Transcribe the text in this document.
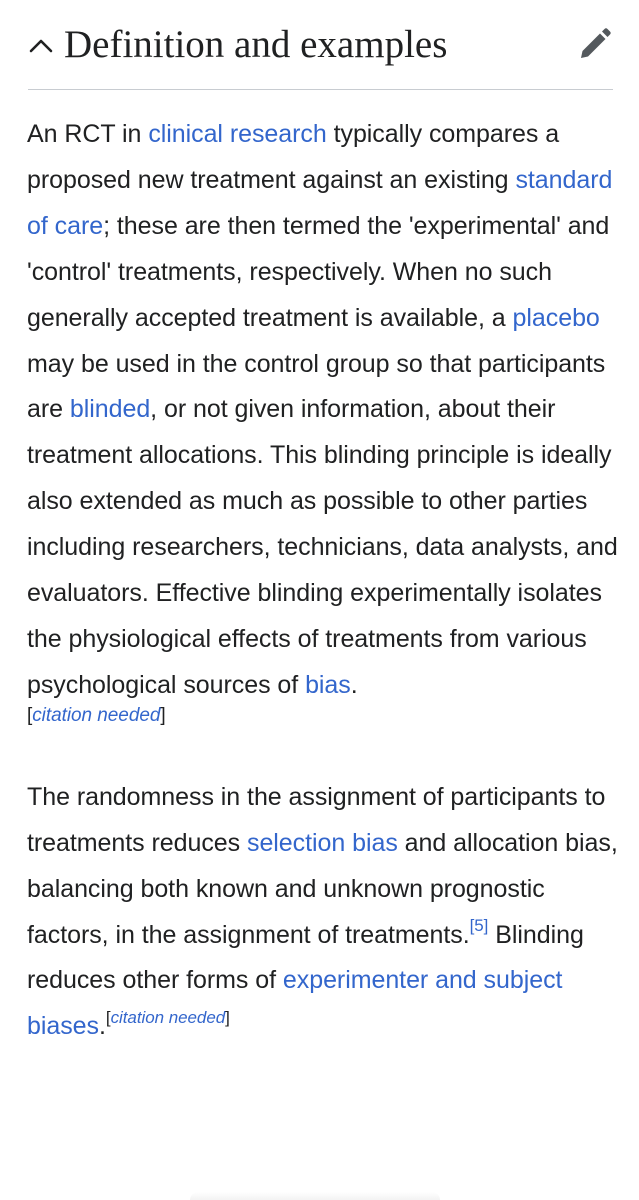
Definition and examples

An RCT in clinical research typically compares a proposed new treatment against an existing standard of care; these are then termed the 'experimental' and 'control' treatments, respectively. When no such generally accepted treatment is available, a placebo may be used in the control group so that participants are blinded, or not given information, about their treatment allocations. This blinding principle is ideally also extended as much as possible to other parties including researchers, technicians, data analysts, and evaluators. Effective blinding experimentally isolates the physiological effects of treatments from various psychological sources of bias.
[citation needed]

The randomness in the assignment of participants to treatments reduces selection bias and allocation bias, balancing both known and unknown prognostic factors, in the assignment of treatments.[5] Blinding reduces other forms of experimenter and subject biases.[citation needed]
